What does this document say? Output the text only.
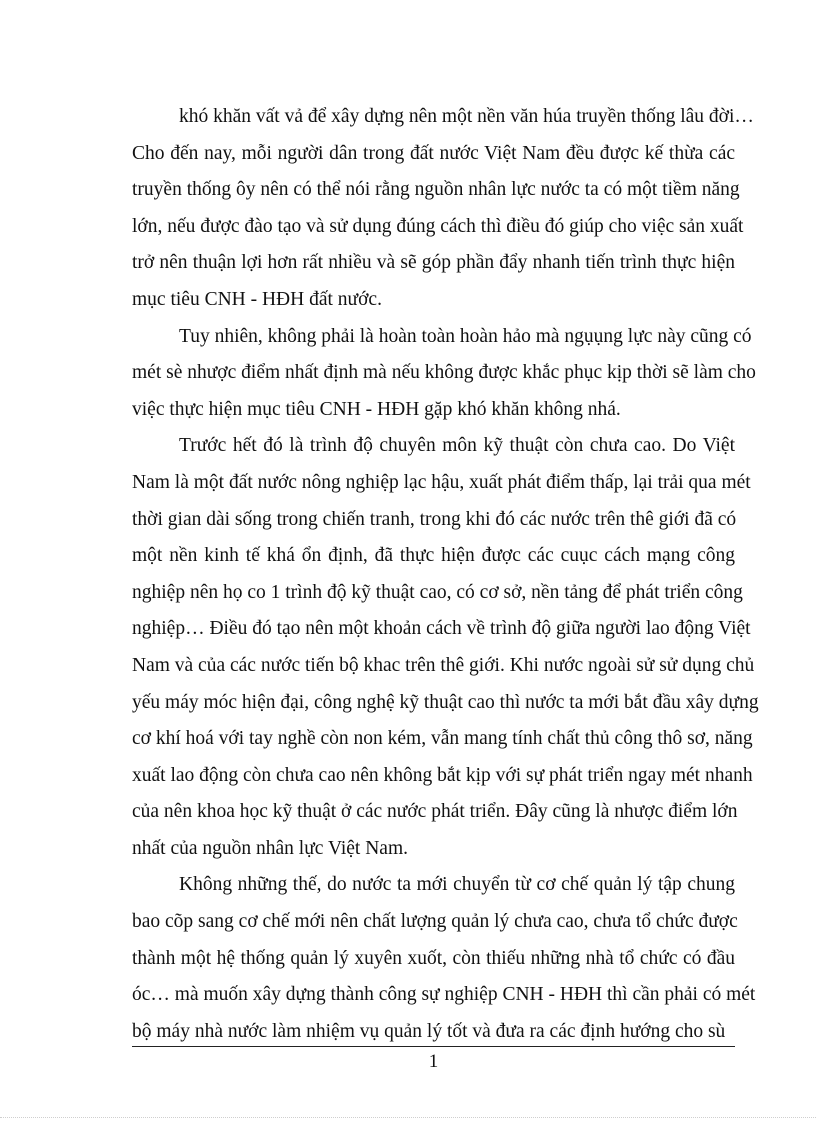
khó khăn vất vả để xây dựng nên một nền văn húa truyền thống lâu đời…
Cho đến nay, mỗi người dân trong đất nước Việt Nam đều được kế thừa các
truyền thống ôy nên có thể nói rằng nguồn nhân lực nước ta có một tiềm năng
lớn, nếu được đào tạo và sử dụng đúng cách thì điều đó giúp cho việc sản xuất
trở nên thuận lợi hơn rất nhiều và sẽ góp phần đẩy nhanh tiến trình thực hiện
mục tiêu CNH - HĐH đất nước.
Tuy nhiên, không phải là hoàn toàn hoàn hảo mà ngụụng lực này cũng có
mét sè nhược điểm nhất định mà nếu không được khắc phục kịp thời sẽ làm cho
việc thực hiện mục tiêu CNH - HĐH gặp khó khăn không nhá.
Trước hết đó là trình độ chuyên môn kỹ thuật còn chưa cao. Do Việt
Nam là một đất nước nông nghiệp lạc hậu, xuất phát điểm thấp, lại trải qua mét
thời gian dài sống trong chiến tranh, trong khi đó các nước trên thê giới đã có
một nền kinh tế khá ổn định, đã thực hiện được các cuục cách mạng công
nghiệp nên họ co 1 trình độ kỹ thuật cao, có cơ sở, nền tảng để phát triển công
nghiệp… Điều đó tạo nên một khoản cách về trình độ giữa người lao động Việt
Nam và của các nước tiến bộ khac trên thê giới. Khi nước ngoài sử sử dụng chủ
yếu máy móc hiện đại, công nghệ kỹ thuật cao thì nước ta mới bắt đầu xây dựng
cơ khí hoá với tay nghề còn non kém, vẫn mang tính chất thủ công thô sơ, năng
xuất lao động còn chưa cao nên không bắt kịp với sự phát triển ngay mét nhanh
của nên khoa học kỹ thuật ở các nước phát triển. Đây cũng là nhược điểm lớn
nhất của nguồn nhân lực Việt Nam.
Không những thế, do nước ta mới chuyển từ cơ chế quản lý tập chung
bao cõp sang cơ chế mới nên chất lượng quản lý chưa cao, chưa tổ chức được
thành một hệ thống quản lý xuyên xuốt, còn thiếu những nhà tổ chức có đầu
óc… mà muốn xây dựng thành công sự nghiệp CNH - HĐH thì cần phải có mét
bộ máy nhà nước làm nhiệm vụ quản lý tốt và đưa ra các định hướng cho sù
1
